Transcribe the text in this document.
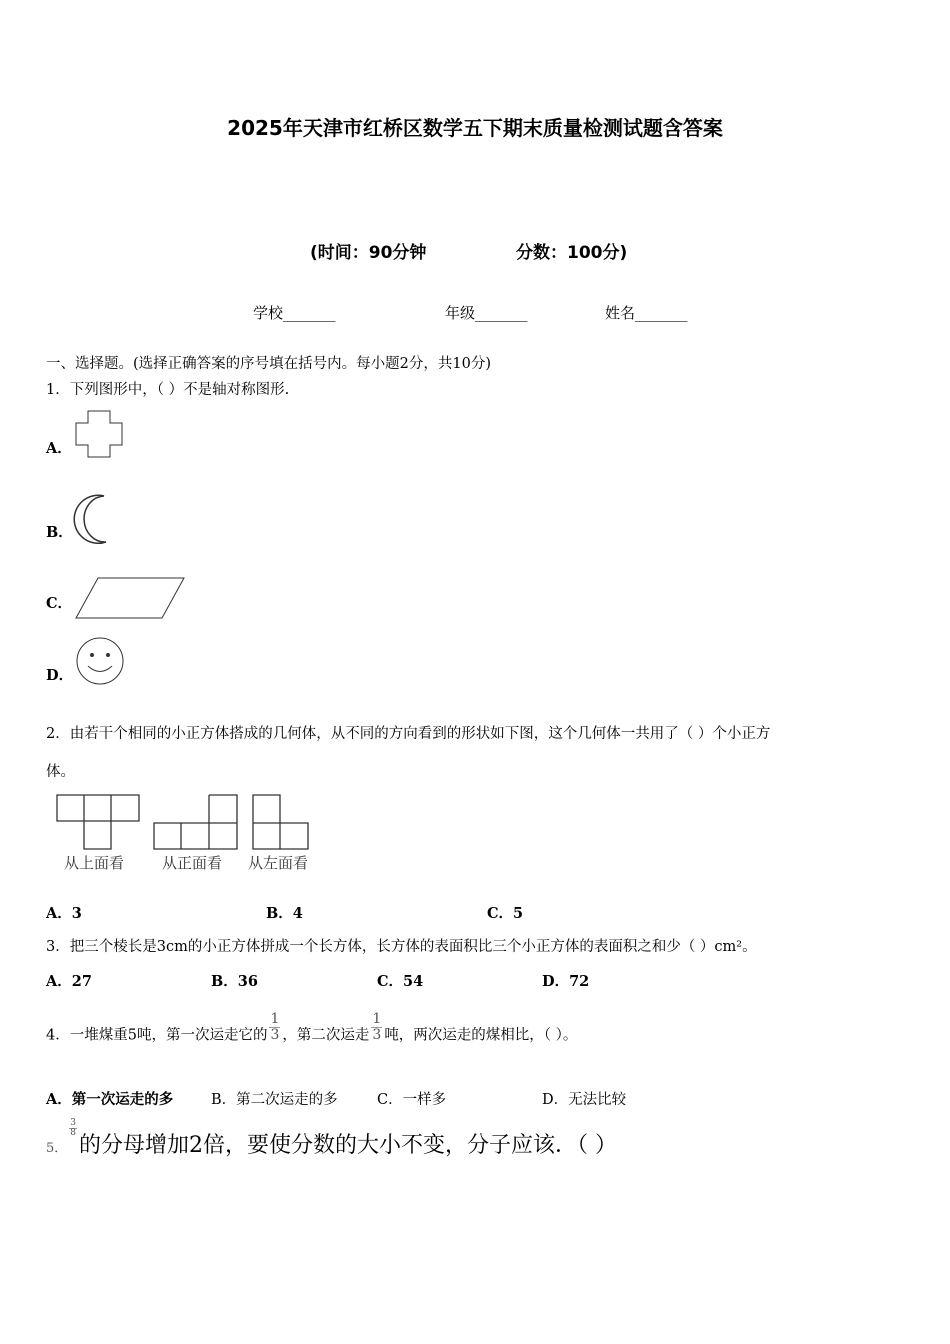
2025年天津市红桥区数学五下期末质量检测试题含答案
(时间：90分钟	分数：100分)
学校_______	年级_______	姓名_______
一、选择题。(选择正确答案的序号填在括号内。每小题2分，共10分)
1．下列图形中，（ ）不是轴对称图形.
A．
B．
C．
D．
2．由若干个相同的小正方体搭成的几何体，从不同的方向看到的形状如下图，这个几何体一共用了（ ）个小正方
体。
从上面看	从正面看 从左面看
A．3	B．4	C．5
3．把三个棱长是3cm的小正方体拼成一个长方体，长方体的表面积比三个小正方体的表面积之和少（ ）cm²。
A．27	B．36	C．54	D．72
4．一堆煤重5吨，第一次运走它的 $\frac{1}{3}$ ，第二次运走 $\frac{1}{3}$ 吨，两次运走的煤相比，（ ）。
A．第一次运走的多	B．第二次运走的多	C．一样多	D．无法比较
5．
$\frac{3}{8}$
的分母增加2倍，要使分数的大小不变，分子应该．（ ）
